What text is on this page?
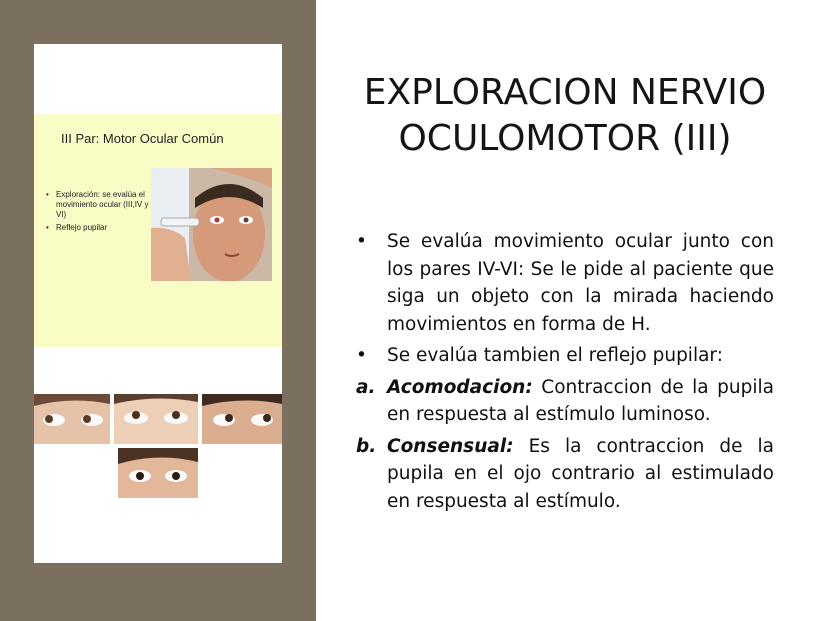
III Par: Motor Ocular Común
• Exploración: se evalúa el movimiento ocular (III,IV y VI)
• Reflejo pupilar
EXPLORACION NERVIO
OCULOMOTOR (III)
• Se evalúa movimiento ocular junto con los pares IV-VI: Se le pide al paciente que siga un objeto con la mirada haciendo movimientos en forma de H.
• Se evalúa tambien el reflejo pupilar:
a. Acomodacion: Contraccion de la pupila en respuesta al estímulo luminoso.
b. Consensual: Es la contraccion de la pupila en el ojo contrario al estimulado en respuesta al estímulo.
